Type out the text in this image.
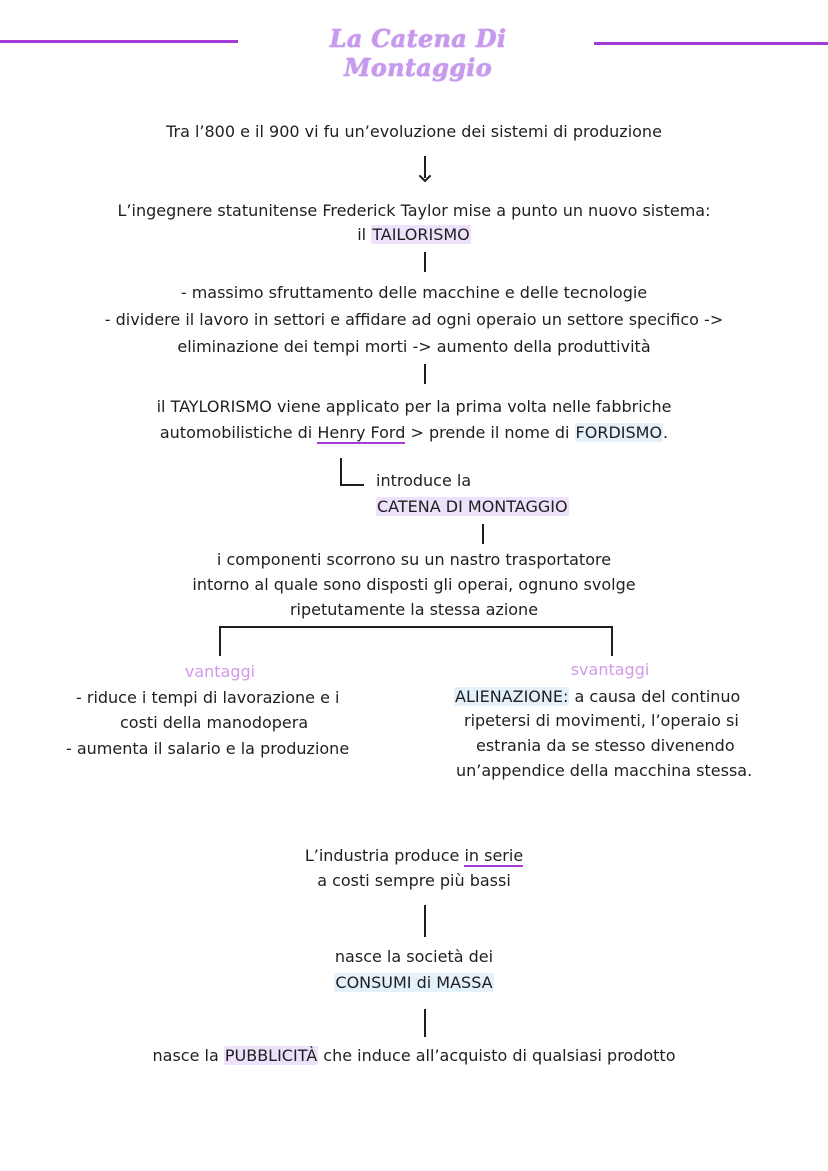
La Catena Di Montaggio
Tra l’800 e il 900 vi fu un’evoluzione dei sistemi di produzione
L’ingegnere statunitense Frederick Taylor mise a punto un nuovo sistema:
il TAILORISMO
- massimo sfruttamento delle macchine e delle tecnologie
- dividere il lavoro in settori e affidare ad ogni operaio un settore specifico ->
eliminazione dei tempi morti -> aumento della produttività
il TAYLORISMO viene applicato per la prima volta nelle fabbriche
automobilistiche di Henry Ford > prende il nome di FORDISMO.
introduce la
CATENA DI MONTAGGIO
i componenti scorrono su un nastro trasportatore
intorno al quale sono disposti gli operai, ognuno svolge
ripetutamente la stessa azione
vantaggi
- riduce i tempi di lavorazione e i
costi della manodopera
- aumenta il salario e la produzione
svantaggi
ALIENAZIONE: a causa del continuo
ripetersi di movimenti, l’operaio si
estrania da se stesso divenendo
un’appendice della macchina stessa.
L’industria produce in serie
a costi sempre più bassi
nasce la società dei
CONSUMI di MASSA
nasce la PUBBLICITÀ che induce all’acquisto di qualsiasi prodotto
